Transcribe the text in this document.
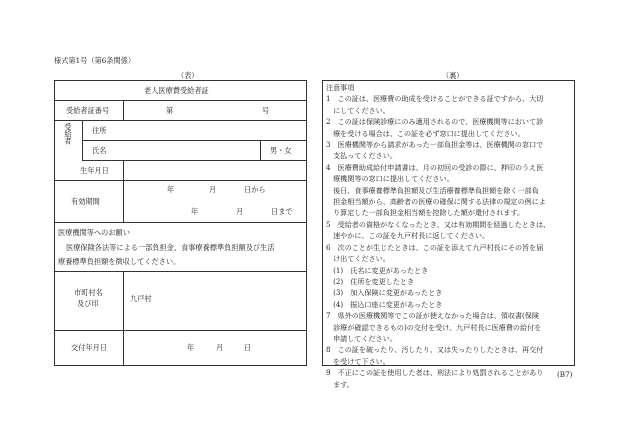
様式第1号（第6条関係）
（表）	（裏）
老人医療費受給者証
受給者証番号	第	号
受給者	住所
氏名	男・女
生年月日
有効期間
年	月	日から
年	月	日まで
医療機関等へのお願い
医療保険各法等による一部負担金、食事療養標準負担額及び生活
療養標準負担額を徴収してください。
市町村名
及び印
九戸村
交付年月日	年	月	日

注意事項

1　この証は、医療費の助成を受けることができる証ですから、大切

　にしてください。

2　この証は保険診療にのみ適用されるので、医療機関等において診

　療を受ける場合は、この証を必ず窓口に提出してください。

3　医療機関等から請求があった一部負担金等は、医療機関の窓口で

　支払ってください。

4　医療費助成給付申請書は、月の初回の受診の際に、押印のうえ医

　療機関等の窓口に提出してください。

　後日、食事療養標準負担額及び生活療養標準負担額を除く一部負

　担金相当額から、高齢者の医療の確保に関する法律の規定の例によ

　り算定した一部負担金相当額を控除した額が還付されます。

5　受給者の資格がなくなったとき、又は有効期間を経過したときは、

　速やかに、この証を九戸村長に返してください。

6　次のことが生じたときは、この証を添えて九戸村長にその旨を届

　け出てください。

　(1)　氏名に変更があったとき

　(2)　住所を変更したとき

　(3)　加入保険に変更があったとき

　(4)　振込口座に変更があったとき

7　県外の医療機関等でこの証が使えなかった場合は、領収書(保険

　診療が確認できるもの)の交付を受け、九戸村長に医療費の給付を

　申請してください。

8　この証を破ったり、汚したり、又は失ったりしたときは、再交付

　を受けて下さい。

9　不正にこの証を使用した者は、刑法により処罰されることがあり

　ます。

(B7)
